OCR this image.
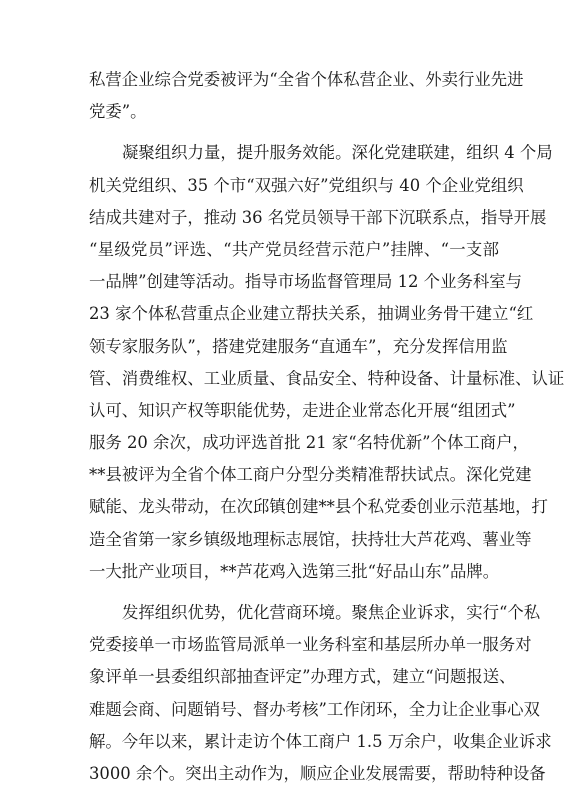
私营企业综合党委被评为“全省个体私营企业、外卖行业先进
党委”。
凝聚组织力量，提升服务效能。深化党建联建，组织 4 个局
机关党组织、35 个市“双强六好”党组织与 40 个企业党组织
结成共建对子，推动 36 名党员领导干部下沉联系点，指导开展
“星级党员”评选、“共产党员经营示范户”挂牌、“一支部
一品牌”创建等活动。指导市场监督管理局 12 个业务科室与
23 家个体私营重点企业建立帮扶关系，抽调业务骨干建立“红
领专家服务队”，搭建党建服务“直通车”，充分发挥信用监
管、消费维权、工业质量、食品安全、特种设备、计量标准、认证
认可、知识产权等职能优势，走进企业常态化开展“组团式”
服务 20 余次，成功评选首批 21 家“名特优新”个体工商户，
**县被评为全省个体工商户分型分类精准帮扶试点。深化党建
赋能、龙头带动，在次邱镇创建**县个私党委创业示范基地，打
造全省第一家乡镇级地理标志展馆，扶持壮大芦花鸡、薯业等
一大批产业项目，**芦花鸡入选第三批“好品山东”品牌。
发挥组织优势，优化营商环境。聚焦企业诉求，实行“个私
党委接单一市场监管局派单一业务科室和基层所办单一服务对
象评单一县委组织部抽查评定”办理方式，建立“问题报送、
难题会商、问题销号、督办考核”工作闭环，全力让企业事心双
解。今年以来，累计走访个体工商户 1.5 万余户，收集企业诉求
3000 余个。突出主动作为，顺应企业发展需要，帮助特种设备
